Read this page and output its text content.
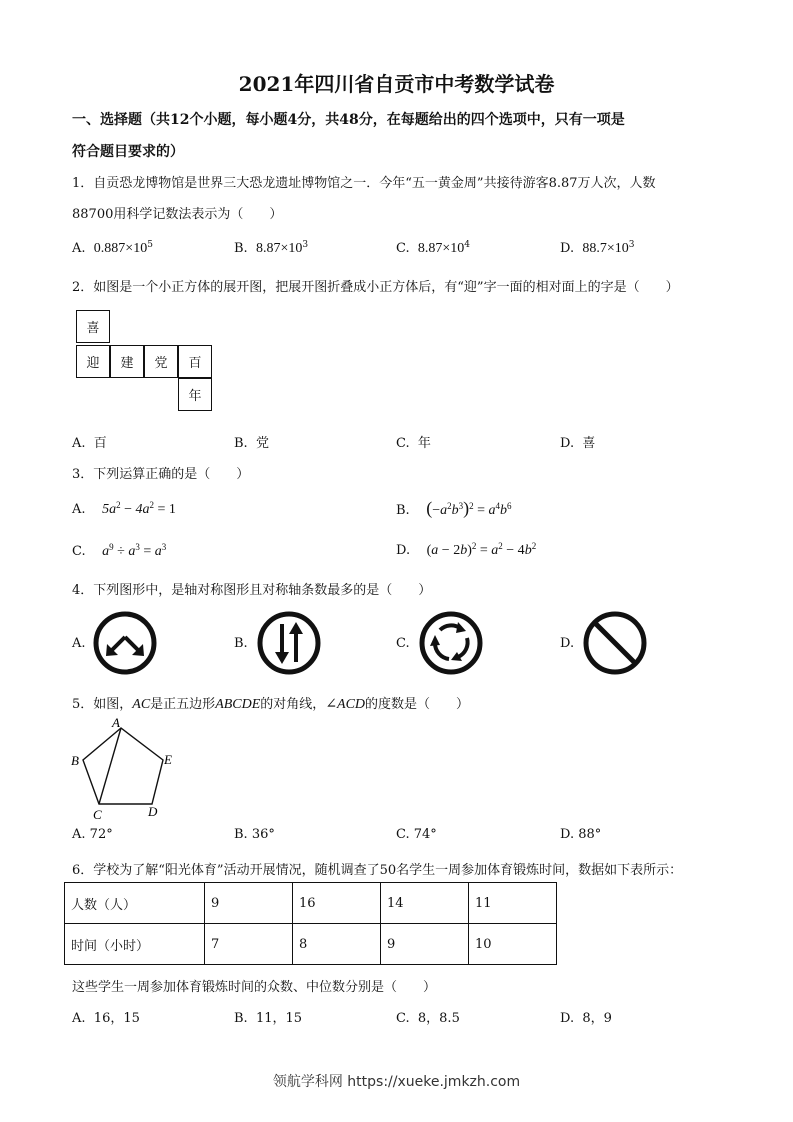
2021年四川省自贡市中考数学试卷
一、选择题（共12个小题，每小题4分，共48分，在每题给出的四个选项中，只有一项是
符合题目要求的）
1．自贡恐龙博物馆是世界三大恐龙遗址博物馆之一．今年“五一黄金周”共接待游客8.87万人次，人数
88700用科学记数法表示为（　　）
A. $0.887\times 10^5$	B. $8.87\times 10^3$	C. $8.87\times 10^4$	D. $88.7\times 10^3$
2．如图是一个小正方体的展开图，把展开图折叠成小正方体后，有“迎”字一面的相对面上的字是（　　）
喜
迎	建	党	百
年
A. 百	B. 党	C. 年	D. 喜
3．下列运算正确的是（　　）
A. $5a^2 - 4a^2 = 1$	B. $(-a^2b^3)^2 = a^4b^6$
C. $a^9 \div a^3 = a^3$	D. $(a - 2b)^2 = a^2 - 4b^2$
4．下列图形中，是轴对称图形且对称轴条数最多的是（　　）
A.	B.	C.	D.
5．如图，AC是正五边形ABCDE的对角线，∠ACD的度数是（　　）
A
B
C	D
E
A. 72°	B. 36°	C. 74°	D. 88°
6．学校为了解“阳光体育”活动开展情况，随机调查了50名学生一周参加体育锻炼时间，数据如下表所示：
人数（人）	9	16	14	11
时间（小时）	7	8	9	10
这些学生一周参加体育锻炼时间的众数、中位数分别是（　　）
A. 16，15	B. 11，15	C. 8，8.5	D. 8，9
领航学科网 https://xueke.jmkzh.com
